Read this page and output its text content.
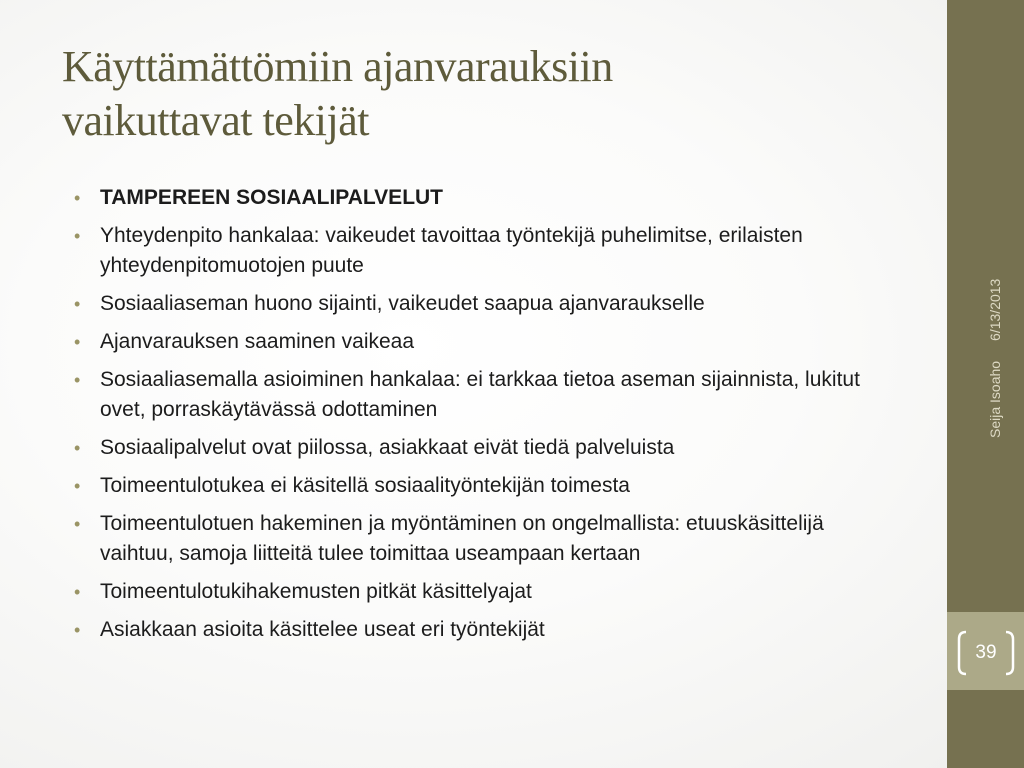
Käyttämättömiin ajanvarauksiin
vaikuttavat tekijät
• TAMPEREEN SOSIAALIPALVELUT
• Yhteydenpito hankalaa: vaikeudet tavoittaa työntekijä puhelimitse, erilaisten yhteydenpitomuotojen puute
• Sosiaaliaseman huono sijainti, vaikeudet saapua ajanvaraukselle
• Ajanvarauksen saaminen vaikeaa
• Sosiaaliasemalla asioiminen hankalaa: ei tarkkaa tietoa aseman sijainnista, lukitut ovet, porraskäytävässä odottaminen
• Sosiaalipalvelut ovat piilossa, asiakkaat eivät tiedä palveluista
• Toimeentulotukea ei käsitellä sosiaalityöntekijän toimesta
• Toimeentulotuen hakeminen ja myöntäminen on ongelmallista: etuuskäsittelijä vaihtuu, samoja liitteitä tulee toimittaa useampaan kertaan
• Toimeentulotukihakemusten pitkät käsittelyajat
• Asiakkaan asioita käsittelee useat eri työntekijät
Seija Isoaho6/13/2013
39
